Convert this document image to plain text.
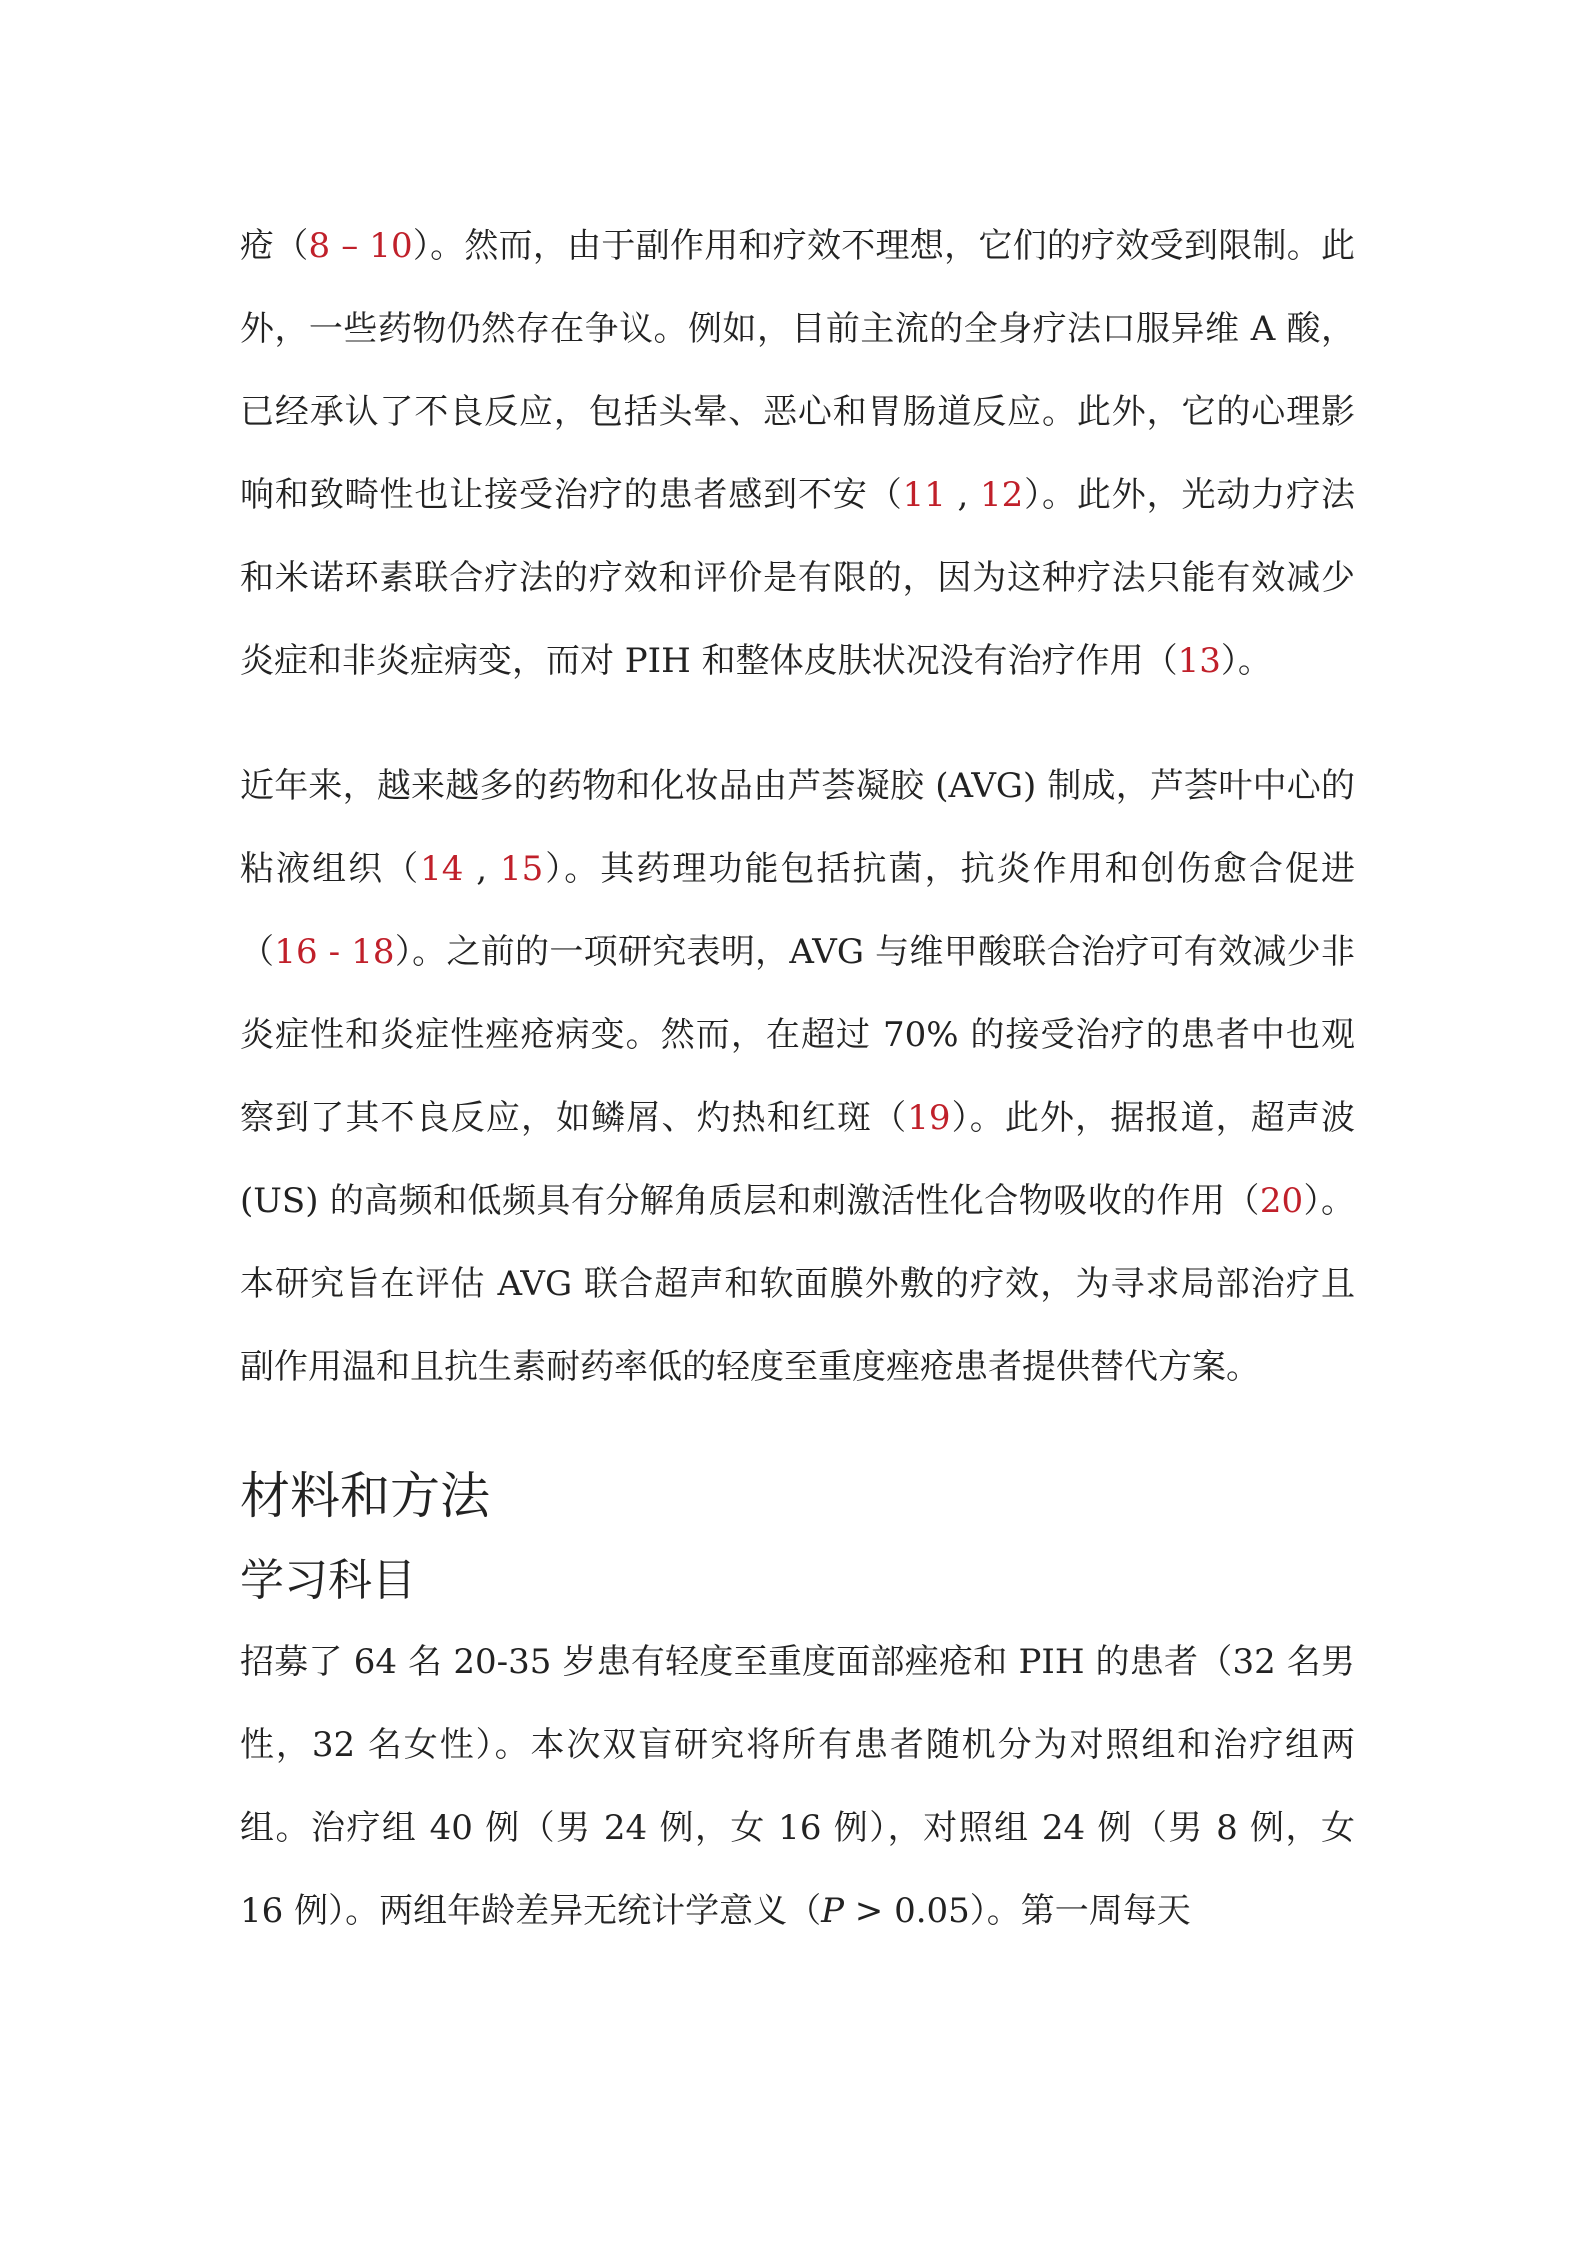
疮（8 – 10）。然而，由于副作用和疗效不理想，它们的疗效受到限制。此外，一些药物仍然存在争议。例如，目前主流的全身疗法口服异维 A 酸，已经承认了不良反应，包括头晕、恶心和胃肠道反应。此外，它的心理影响和致畸性也让接受治疗的患者感到不安（11 , 12）。此外，光动力疗法和米诺环素联合疗法的疗效和评价是有限的，因为这种疗法只能有效减少炎症和非炎症病变，而对 PIH 和整体皮肤状况没有治疗作用（13）。

近年来，越来越多的药物和化妆品由芦荟凝胶 (AVG) 制成，芦荟叶中心的粘液组织（14 , 15）。其药理功能包括抗菌，抗炎作用和创伤愈合促进（16 - 18）。之前的一项研究表明，AVG 与维甲酸联合治疗可有效减少非炎症性和炎症性痤疮病变。然而，在超过 70% 的接受治疗的患者中也观察到了其不良反应，如鳞屑、灼热和红斑（19）。此外，据报道，超声波 (US) 的高频和低频具有分解角质层和刺激活性化合物吸收的作用（20）。本研究旨在评估 AVG 联合超声和软面膜外敷的疗效，为寻求局部治疗且副作用温和且抗生素耐药率低的轻度至重度痤疮患者提供替代方案。

材料和方法
学习科目

招募了 64 名 20-35 岁患有轻度至重度面部痤疮和 PIH 的患者（32 名男性，32 名女性）。本次双盲研究将所有患者随机分为对照组和治疗组两组。治疗组 40 例（男 24 例，女 16 例），对照组 24 例（男 8 例，女 16 例）。两组年龄差异无统计学意义（P > 0.05）。第一周每天
